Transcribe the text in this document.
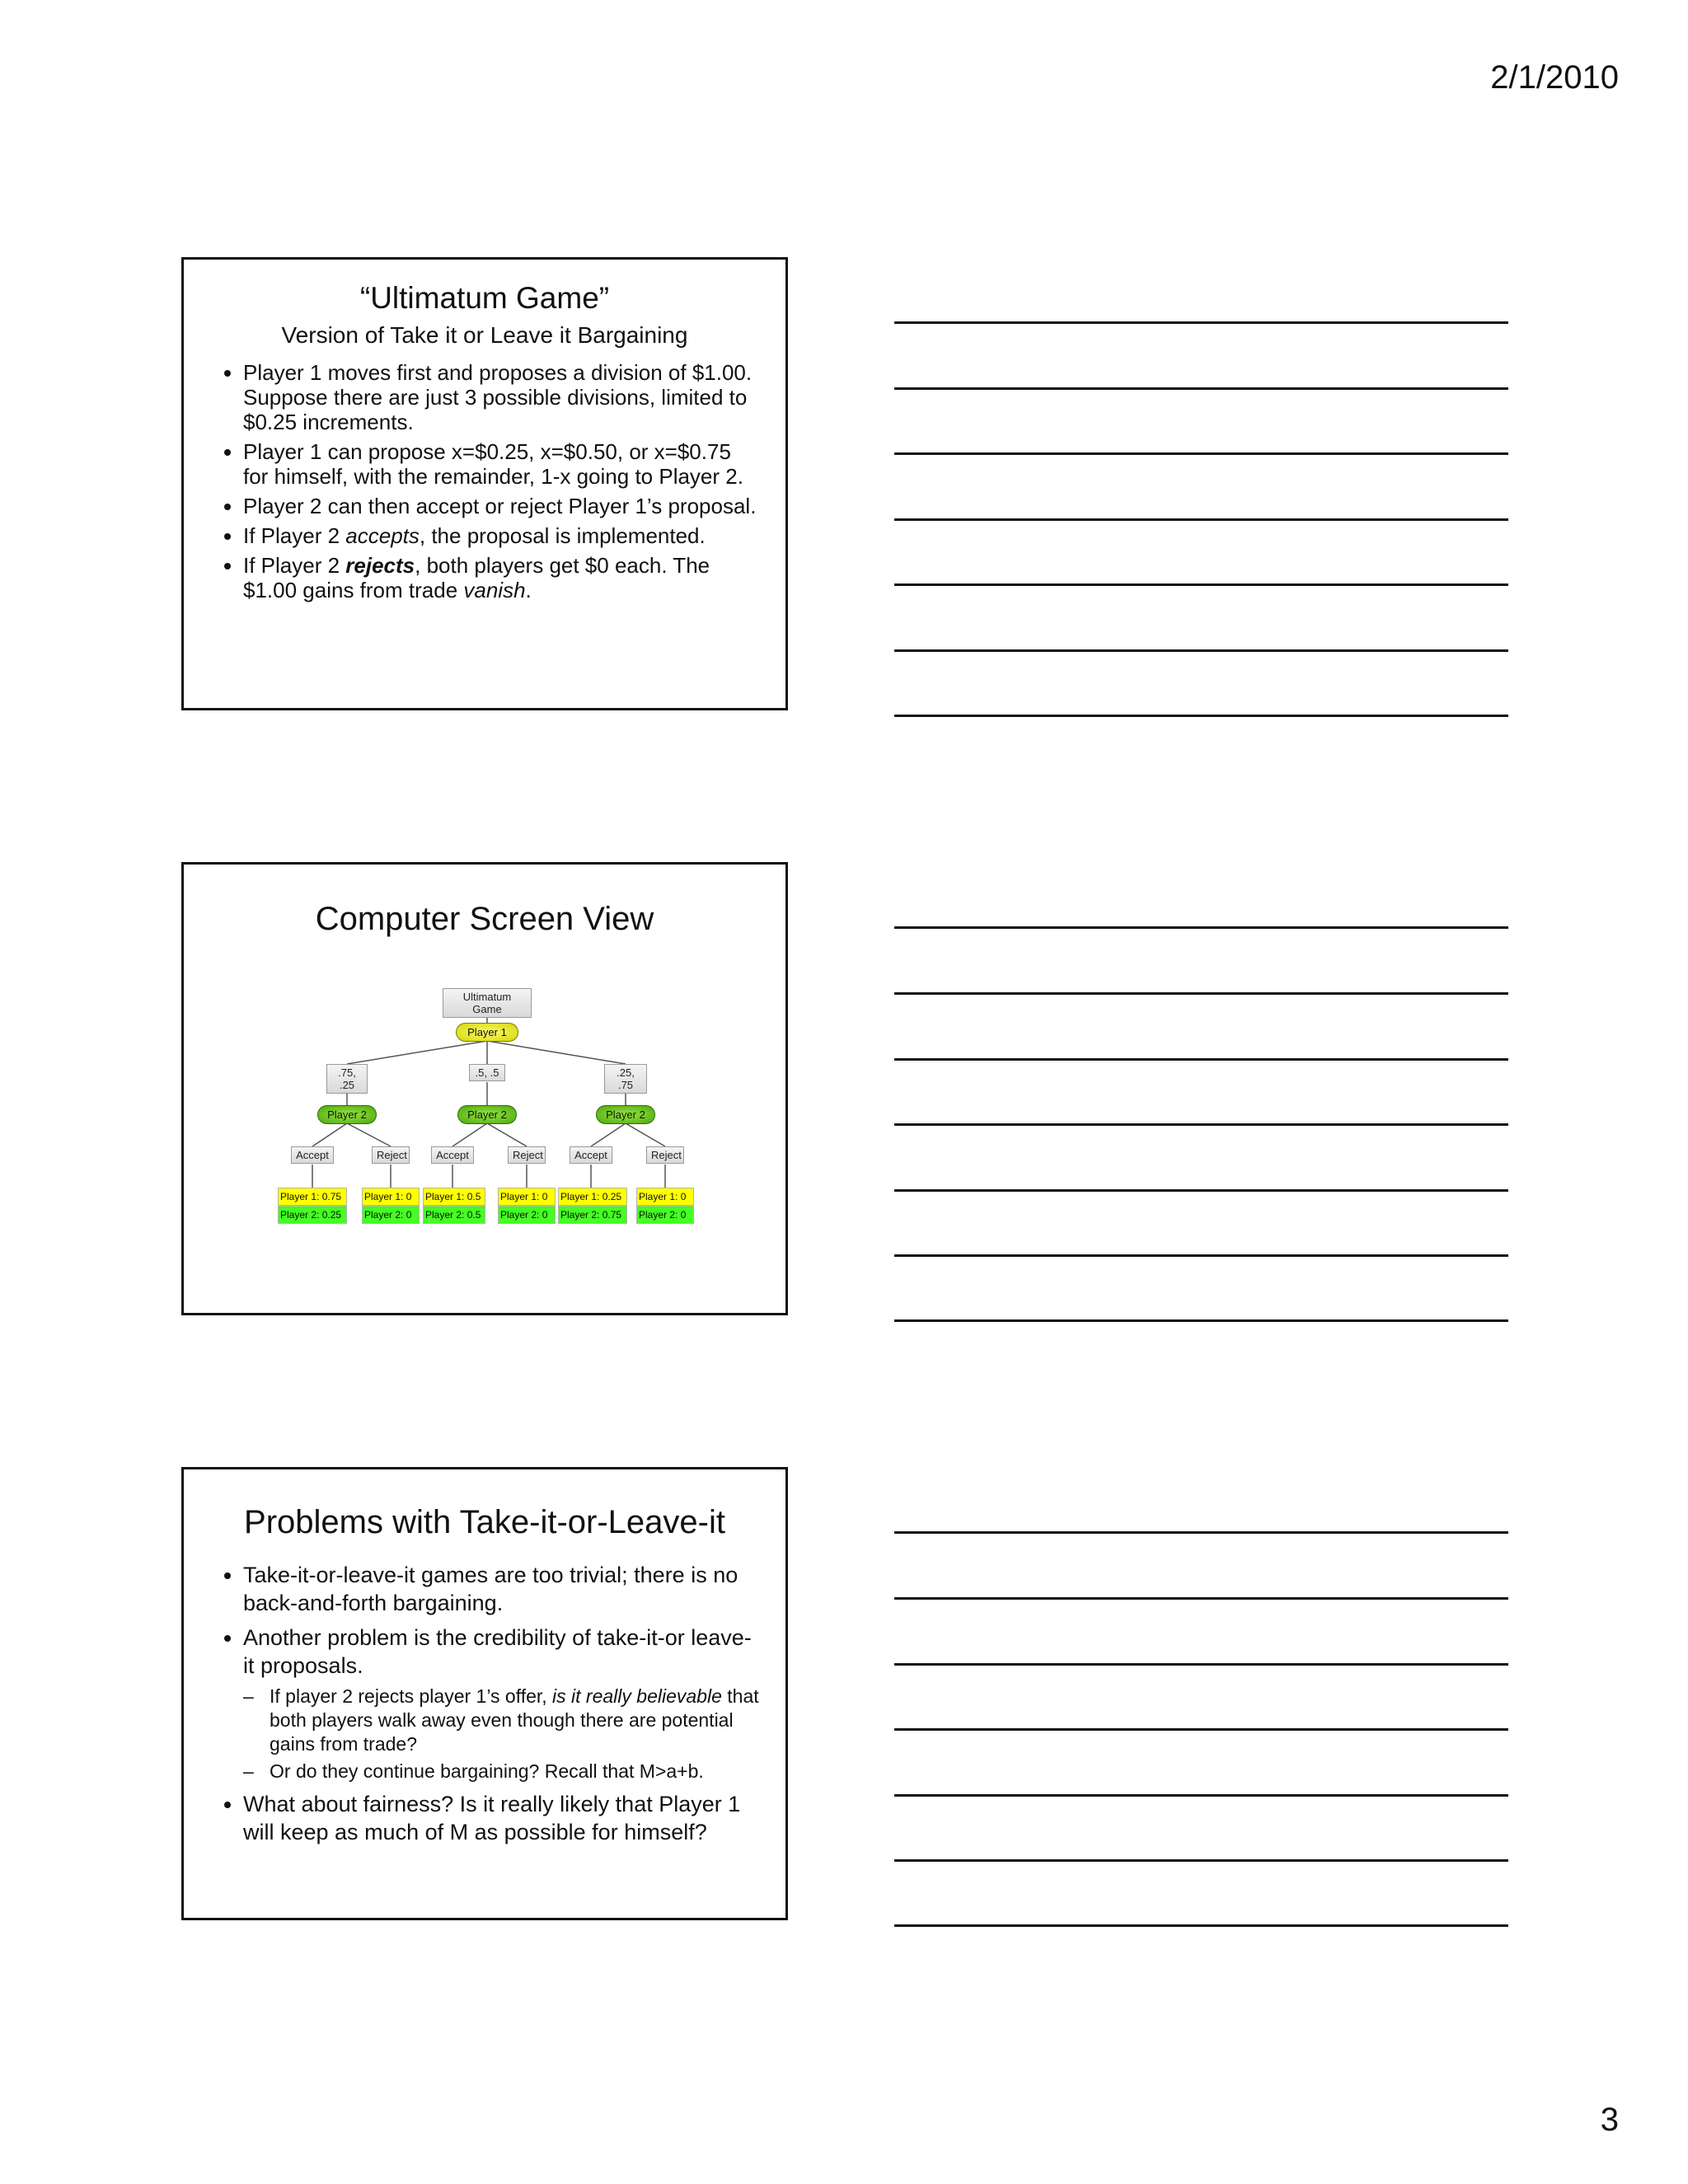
2/1/2010
“Ultimatum Game”
Version of Take it or Leave it Bargaining
• Player 1 moves first and proposes a division of $1.00. Suppose there are just 3 possible divisions, limited to $0.25 increments.
• Player 1 can propose x=$0.25, x=$0.50, or x=$0.75 for himself, with the remainder, 1-x going to Player 2.
• Player 2 can then accept or reject Player 1’s proposal.
• If Player 2 accepts, the proposal is implemented.
• If Player 2 rejects, both players get $0 each. The $1.00 gains from trade vanish.
Computer Screen View
Ultimatum Game
Player 1
.75, .25
.5, .5	.25, .75
Player 2	Player 2	Player 2
Accept	Reject	Accept	Reject	Accept	Reject
Player 1: 0.75
Player 2: 0.25
Player 1: 0
Player 2: 0
Player 1: 0.5
Player 2: 0.5
Player 1: 0
Player 2: 0
Player 1: 0.25
Player 2: 0.75
Player 1: 0
Player 2: 0
Problems with Take-it-or-Leave-it
• Take-it-or-leave-it games are too trivial; there is no back-and-forth bargaining.
• Another problem is the credibility of take-it-or leave-it proposals.
– If player 2 rejects player 1’s offer, is it really believable that both players walk away even though there are potential gains from trade?
– Or do they continue bargaining? Recall that M>a+b.
• What about fairness? Is it really likely that Player 1 will keep as much of M as possible for himself?
3
